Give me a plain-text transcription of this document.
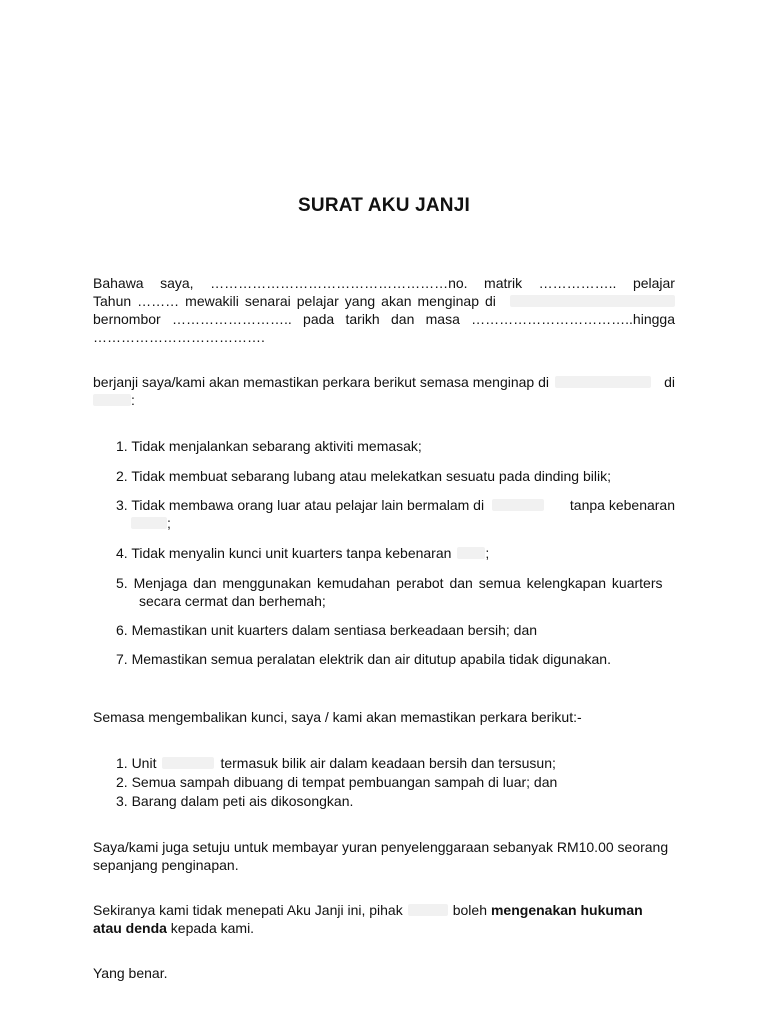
SURAT AKU JANJI
Bahawa saya, ……………………………………………no. matrik …………….. pelajar
Tahun ……… mewakili senarai pelajar yang akan menginap di
bernombor …………………….. pada tarikh dan masa ……………………………..hingga
……………………………….
berjanji saya/kami akan memastikan perkara berikut semasa menginap di	di
:
1. Tidak menjalankan sebarang aktiviti memasak;
2. Tidak membuat sebarang lubang atau melekatkan sesuatu pada dinding bilik;
3. Tidak membawa orang luar atau pelajar lain bermalam di	tanpa kebenaran
;
4. Tidak menyalin kunci unit kuarters tanpa kebenaran ;
5. Menjaga dan menggunakan kemudahan perabot dan semua kelengkapan kuarters
secara cermat dan berhemah;
6. Memastikan unit kuarters dalam sentiasa berkeadaan bersih; dan
7. Memastikan semua peralatan elektrik dan air ditutup apabila tidak digunakan.
Semasa mengembalikan kunci, saya / kami akan memastikan perkara berikut:-
1. Unit	termasuk bilik air dalam keadaan bersih dan tersusun;
2. Semua sampah dibuang di tempat pembuangan sampah di luar; dan
3. Barang dalam peti ais dikosongkan.
Saya/kami juga setuju untuk membayar yuran penyelenggaraan sebanyak RM10.00 seorang
sepanjang penginapan.
Sekiranya kami tidak menepati Aku Janji ini, pihak	boleh mengenakan hukuman
atau denda kepada kami.
Yang benar.
